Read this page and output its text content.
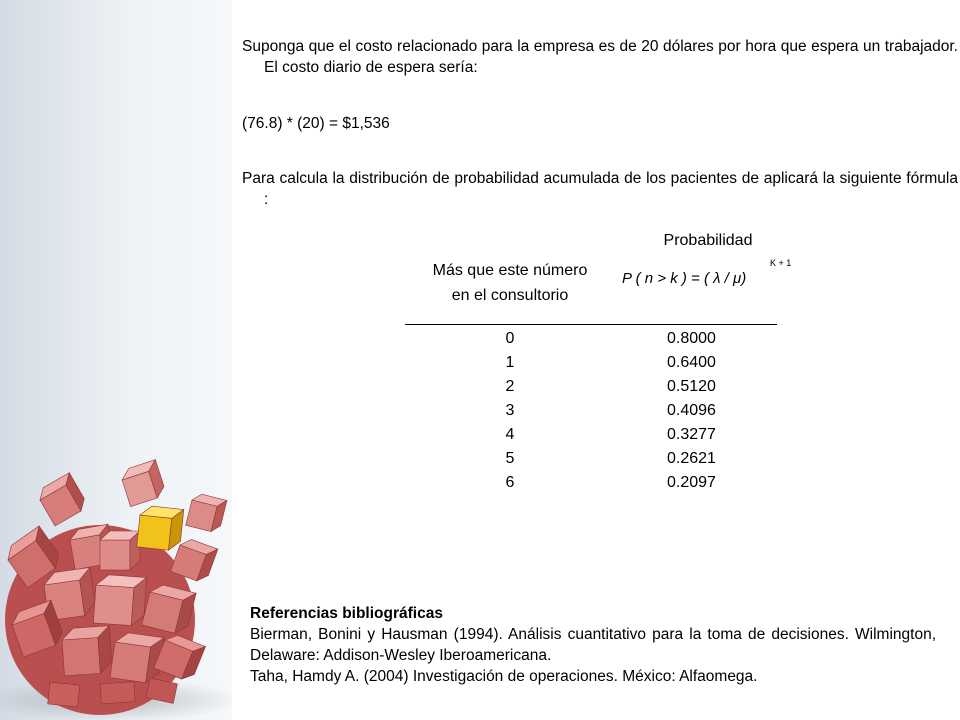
Suponga que el costo relacionado para la empresa es de 20 dólares por hora que espera un trabajador. El costo diario de espera sería:

(76.8) * (20) = $1,536

Para calcula la distribución de probabilidad acumulada de los pacientes de aplicará la siguiente fórmula :

Más que este número
en el consultorio
Probabilidad
P ( n > k ) = ( λ / μ)
K + 1
0	0.8000
1	0.6400
2	0.5120
3	0.4096
4	0.3277
5	0.2621
6	0.2097

Referencias bibliográficas

Bierman, Bonini y Hausman (1994). Análisis cuantitativo para la toma de decisiones. Wilmington, Delaware: Addison-Wesley Iberoamericana.

Taha, Hamdy A. (2004) Investigación de operaciones. México: Alfaomega.
